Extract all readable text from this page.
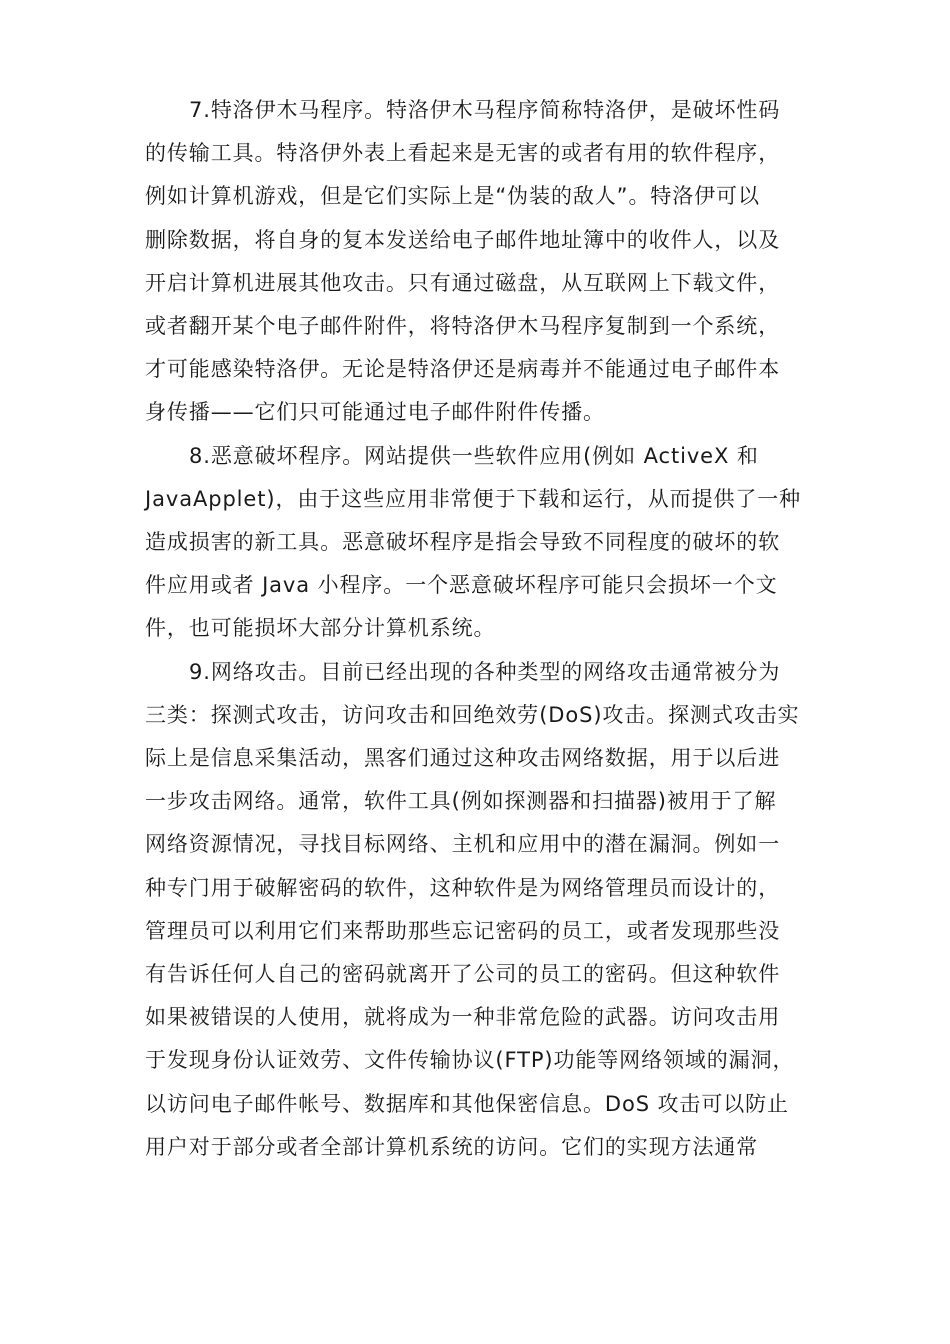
7.特洛伊木马程序。特洛伊木马程序简称特洛伊，是破坏性码
的传输工具。特洛伊外表上看起来是无害的或者有用的软件程序，
例如计算机游戏，但是它们实际上是“伪装的敌人”。特洛伊可以
删除数据，将自身的复本发送给电子邮件地址簿中的收件人，以及
开启计算机进展其他攻击。只有通过磁盘，从互联网上下载文件，
或者翻开某个电子邮件附件，将特洛伊木马程序复制到一个系统，
才可能感染特洛伊。无论是特洛伊还是病毒并不能通过电子邮件本
身传播——它们只可能通过电子邮件附件传播。
8.恶意破坏程序。网站提供一些软件应用(例如 ActiveX 和
JavaApplet)，由于这些应用非常便于下载和运行，从而提供了一种
造成损害的新工具。恶意破坏程序是指会导致不同程度的破坏的软
件应用或者 Java 小程序。一个恶意破坏程序可能只会损坏一个文
件，也可能损坏大部分计算机系统。
9.网络攻击。目前已经出现的各种类型的网络攻击通常被分为
三类：探测式攻击，访问攻击和回绝效劳(DoS)攻击。探测式攻击实
际上是信息采集活动，黑客们通过这种攻击网络数据，用于以后进
一步攻击网络。通常，软件工具(例如探测器和扫描器)被用于了解
网络资源情况，寻找目标网络、主机和应用中的潜在漏洞。例如一
种专门用于破解密码的软件，这种软件是为网络管理员而设计的，
管理员可以利用它们来帮助那些忘记密码的员工，或者发现那些没
有告诉任何人自己的密码就离开了公司的员工的密码。但这种软件
如果被错误的人使用，就将成为一种非常危险的武器。访问攻击用
于发现身份认证效劳、文件传输协议(FTP)功能等网络领域的漏洞，
以访问电子邮件帐号、数据库和其他保密信息。DoS 攻击可以防止
用户对于部分或者全部计算机系统的访问。它们的实现方法通常
